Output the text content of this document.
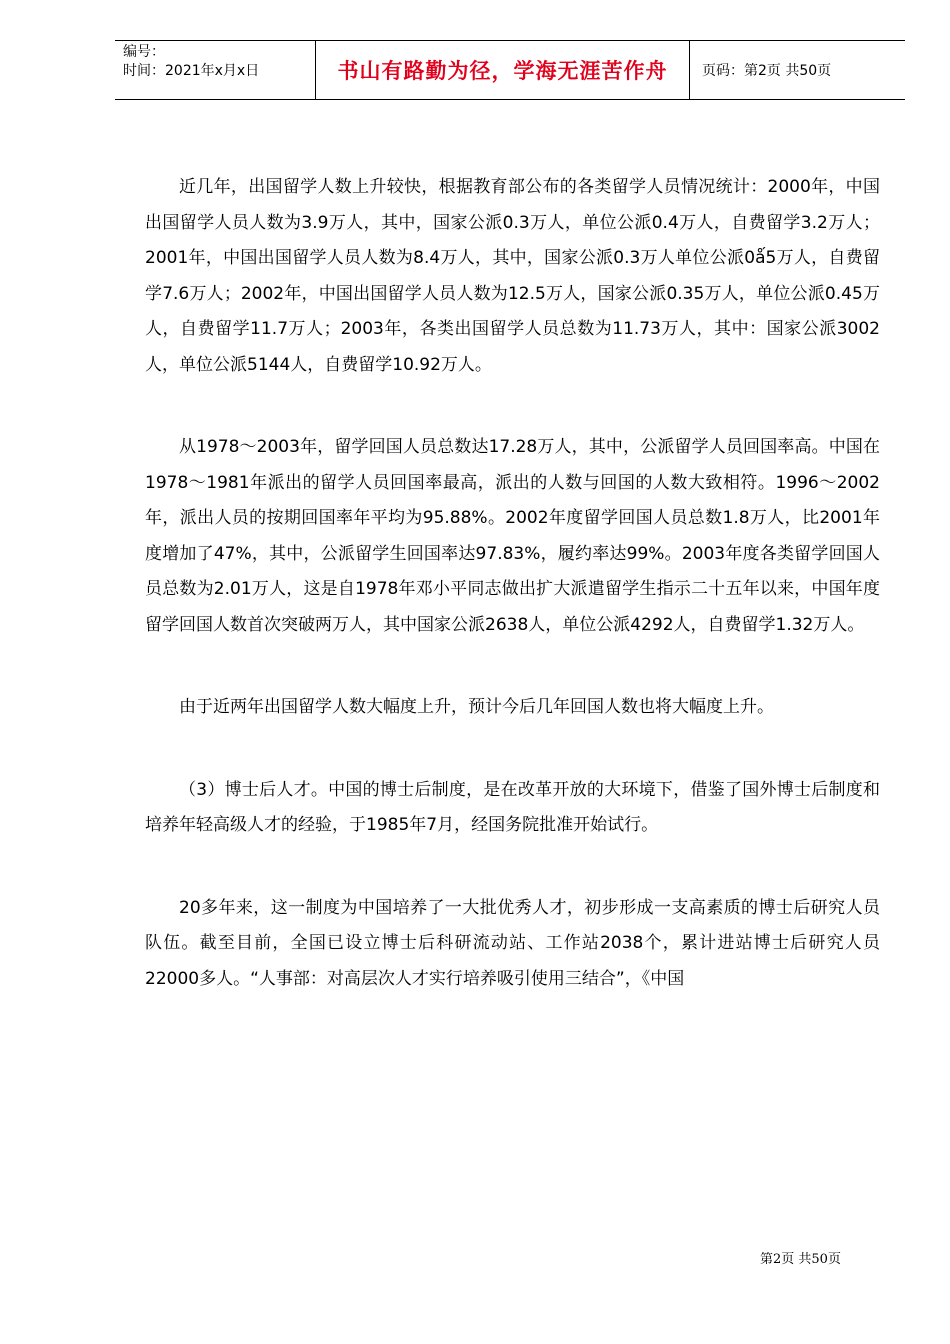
编号：
时间：2021年x月x日	书山有路勤为径，学海无涯苦作舟	页码：第2页 共50页

近几年，出国留学人数上升较快，根据教育部公布的各类留学人员情况统计：2000年，中国出国留学人员人数为3.9万人，其中，国家公派0.3万人，单位公派0.4万人，自费留学3.2万人；2001年，中国出国留学人员人数为8.4万人，其中，国家公派0.3万人单位公派0ǻ5万人，自费留学7.6万人；2002年，中国出国留学人员人数为12.5万人，国家公派0.35万人，单位公派0.45万人，自费留学11.7万人；2003年，各类出国留学人员总数为11.73万人，其中：国家公派3002人，单位公派5144人，自费留学10.92万人。

从1978～2003年，留学回国人员总数达17.28万人，其中，公派留学人员回国率高。中国在1978～1981年派出的留学人员回国率最高，派出的人数与回国的人数大致相符。1996～2002年，派出人员的按期回国率年平均为95.88%。2002年度留学回国人员总数1.8万人，比2001年度增加了47%，其中，公派留学生回国率达97.83%，履约率达99%。2003年度各类留学回国人员总数为2.01万人，这是自1978年邓小平同志做出扩大派遣留学生指示二十五年以来，中国年度留学回国人数首次突破两万人，其中国家公派2638人，单位公派4292人，自费留学1.32万人。

由于近两年出国留学人数大幅度上升，预计今后几年回国人数也将大幅度上升。

（3）博士后人才。中国的博士后制度，是在改革开放的大环境下，借鉴了国外博士后制度和培养年轻高级人才的经验，于1985年7月，经国务院批准开始试行。

20多年来，这一制度为中国培养了一大批优秀人才，初步形成一支高素质的博士后研究人员队伍。截至目前，全国已设立博士后科研流动站、工作站2038个，累计进站博士后研究人员22000多人。“人事部：对高层次人才实行培养吸引使用三结合”，《中国

第2页 共50页
